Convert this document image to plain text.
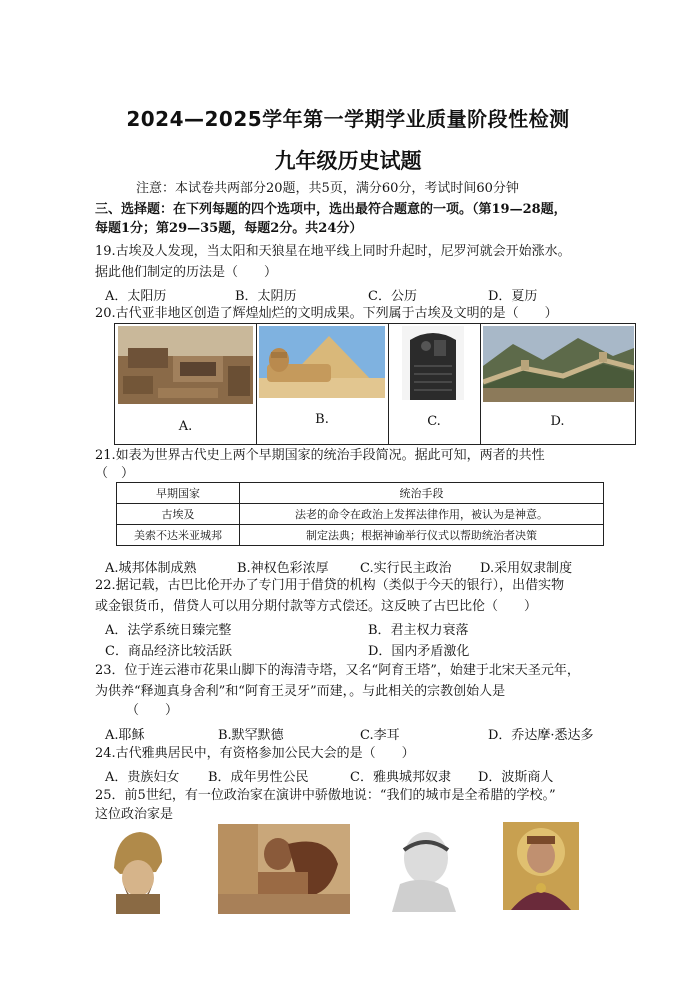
2024—2025学年第一学期学业质量阶段性检测
九年级历史试题
注意：本试卷共两部分20题，共5页，满分60分，考试时间60分钟
三、选择题：在下列每题的四个选项中，选出最符合题意的一项。（第19—28题，
每题1分；第29—35题，每题2分。共24分）
19.古埃及人发现，当太阳和天狼星在地平线上同时升起时，尼罗河就会开始涨水。
据此他们制定的历法是（　　）
A．太阳历	B．太阴历	C．公历	D．夏历
20.古代亚非地区创造了辉煌灿烂的文明成果。下列属于古埃及文明的是（　　）
A.	B.	C.	D.
21.如表为世界古代史上两个早期国家的统治手段简况。据此可知，两者的共性
（　）
早期国家	统治手段
古埃及	法老的命令在政治上发挥法律作用，被认为是神意。
美索不达米亚城邦	制定法典；根据神谕举行仪式以帮助统治者决策
A.城邦体制成熟	B.神权色彩浓厚 C.实行民主政治 D.采用奴隶制度
22.据记载，古巴比伦开办了专门用于借贷的机构（类似于今天的银行），出借实物
或金银货币，借贷人可以用分期付款等方式偿还。这反映了古巴比伦（　　）
A．法学系统日臻完整	B．君主权力衰落
C．商品经济比较活跃	D．国内矛盾激化
23．位于连云港市花果山脚下的海清寺塔，又名“阿育王塔”，始建于北宋天圣元年，
为供养“释迦真身舍利”和“阿育王灵牙”而建，。与此相关的宗教创始人是
（　　）
A.耶稣	B.默罕默德	C.李耳	D．乔达摩·悉达多
24.古代雅典居民中，有资格参加公民大会的是（　　）
A．贵族妇女 B．成年男性公民	C．雅典城邦奴隶 D．波斯商人
25．前5世纪，有一位政治家在演讲中骄傲地说：“我们的城市是全希腊的学校。”
这位政治家是
